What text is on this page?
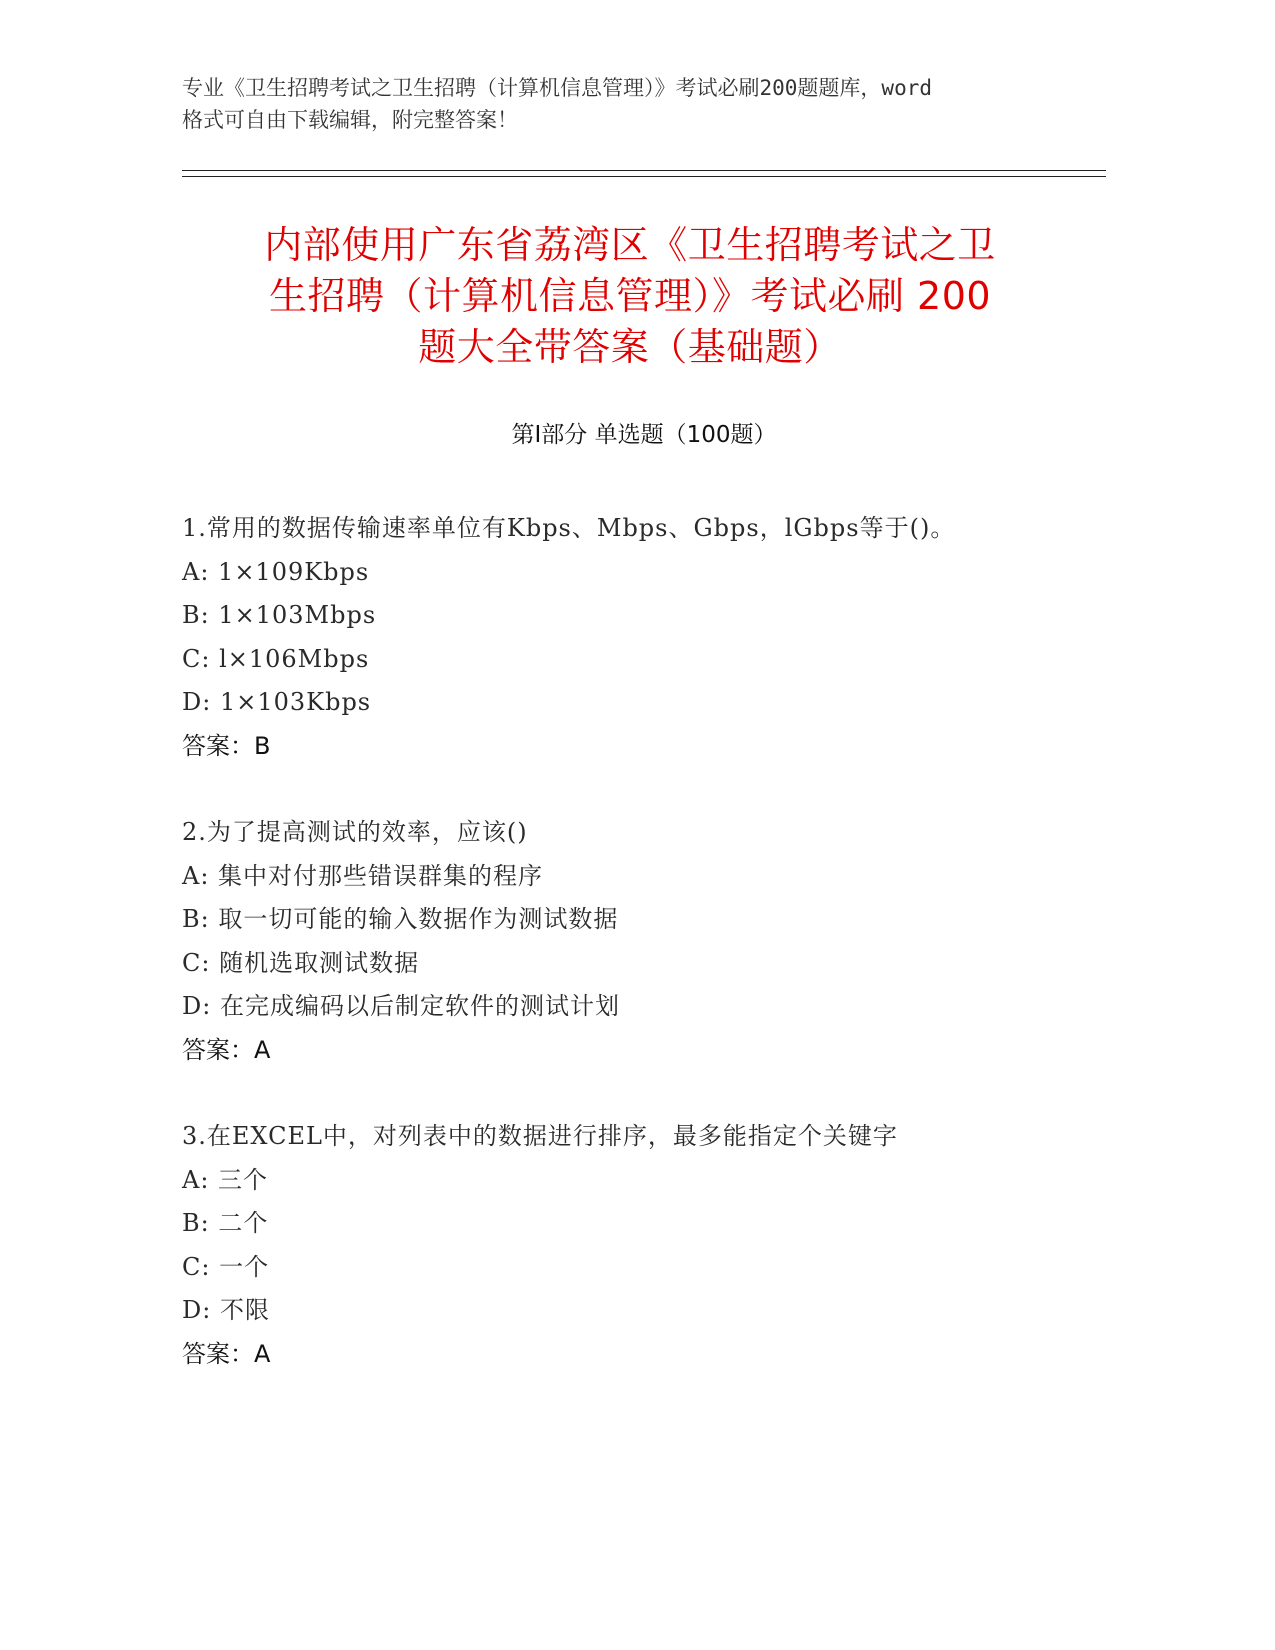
专业《卫生招聘考试之卫生招聘（计算机信息管理）》考试必刷200题题库，word
格式可自由下载编辑，附完整答案！
内部使用广东省荔湾区《卫生招聘考试之卫
生招聘（计算机信息管理）》考试必刷 200
题大全带答案（基础题）
第Ⅰ部分 单选题（100题）
1.常用的数据传输速率单位有Kbps、Mbps、Gbps，lGbps等于()。
A: 1×109Kbps
B: 1×103Mbps
C: l×106Mbps
D: 1×103Kbps
答案：B
2.为了提高测试的效率，应该()
A: 集中对付那些错误群集的程序
B: 取一切可能的输入数据作为测试数据
C: 随机选取测试数据
D: 在完成编码以后制定软件的测试计划
答案：A
3.在EXCEL中，对列表中的数据进行排序，最多能指定个关键字
A: 三个
B: 二个
C: 一个
D: 不限
答案：A
